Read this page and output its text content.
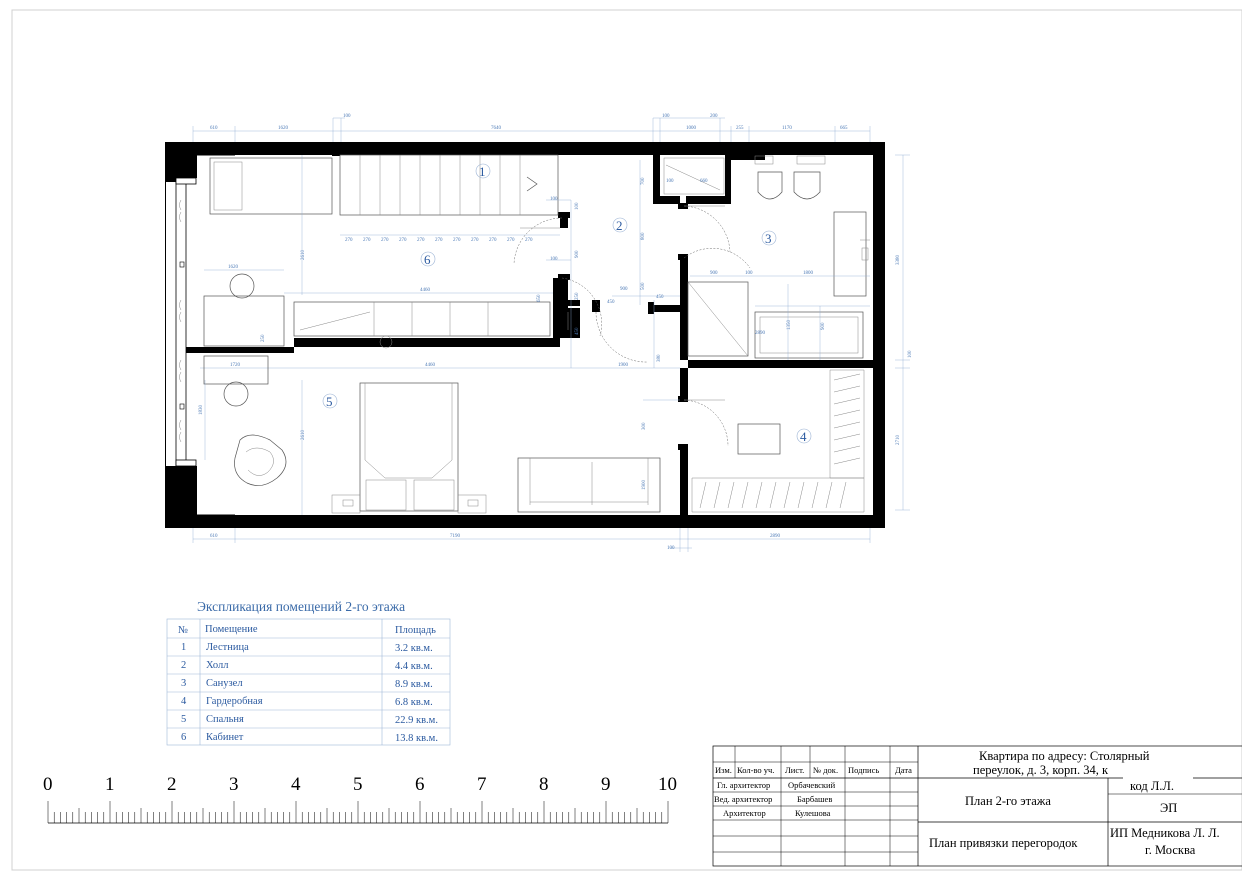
610	1620
100
7640
100
1000
200
255	1170	665
610	7190	2890
100
3380
2710
100
270 270 270 270 270 270 270 270 270 270 270
4460
1620
2610
4460
1720	1900
1830
2610
300
1900
660
100
700
800
500
100
900
250
450
450
900
450
380
100
100
650
250
900	1800
100
2890
1350	900
1
2
3
4
5
6
Экспликация помещений 2-го этажа
№ Помещение	Площадь
1 Лестница	3.2 кв.м.
2 Холл	4.4 кв.м.
3 Санузел	8.9 кв.м.
4 Гардеробная	6.8 кв.м.
5 Спальня	22.9 кв.м.
6 Кабинет	13.8 кв.м.
0	1	2	3	4	5	6	7	8	9	10
Изм. Кол-во уч. Лист. № док. Подпись Дата
Гл. архитектор Орбачевский
Вед. архитектор	Барбашев
Архитектор	Кулешова
Квартира по адресу: Столярный
переулок, д. 3, корп. 34, к
код Л.Л.
План 2-го этажа
План привязки перегородок
ЭП
ИП Медникова Л. Л.
г. Москва
